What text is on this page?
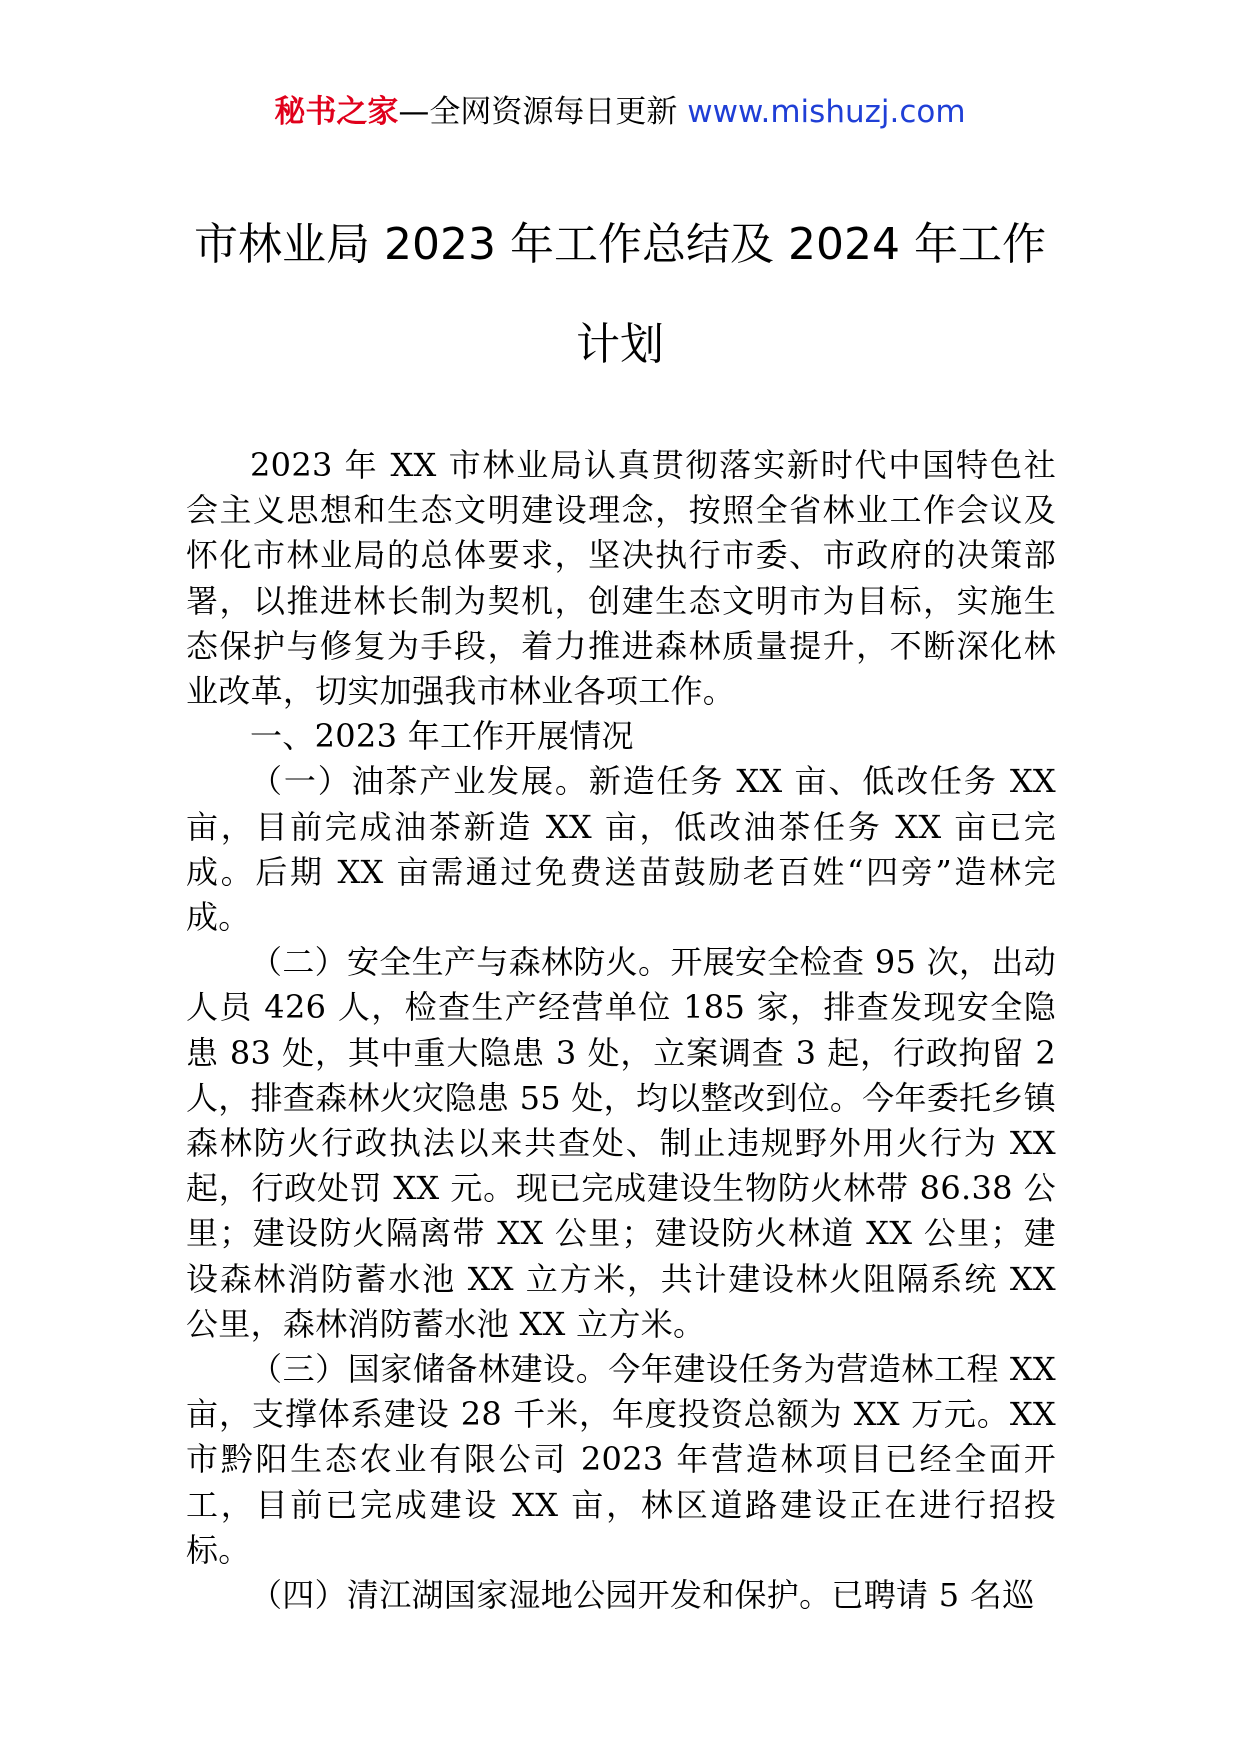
秘书之家—全网资源每日更新 www.mishuzj.com
市林业局 2023 年工作总结及 2024 年工作
计划

2023 年 XX 市林业局认真贯彻落实新时代中国特色社会主义思想和生态文明建设理念，按照全省林业工作会议及怀化市林业局的总体要求，坚决执行市委、市政府的决策部署，以推进林长制为契机，创建生态文明市为目标，实施生态保护与修复为手段，着力推进森林质量提升，不断深化林业改革，切实加强我市林业各项工作。

一、2023 年工作开展情况

（一）油茶产业发展。新造任务 XX 亩、低改任务 XX 亩，目前完成油茶新造 XX 亩，低改油茶任务 XX 亩已完成。后期 XX 亩需通过免费送苗鼓励老百姓“四旁”造林完成。

（二）安全生产与森林防火。开展安全检查 95 次，出动人员 426 人，检查生产经营单位 185 家，排查发现安全隐患 83 处，其中重大隐患 3 处，立案调查 3 起，行政拘留 2 人，排查森林火灾隐患 55 处，均以整改到位。今年委托乡镇森林防火行政执法以来共查处、制止违规野外用火行为 XX 起，行政处罚 XX 元。现已完成建设生物防火林带 86.38 公里；建设防火隔离带 XX 公里；建设防火林道 XX 公里；建设森林消防蓄水池 XX 立方米，共计建设林火阻隔系统 XX 公里，森林消防蓄水池 XX 立方米。

（三）国家储备林建设。今年建设任务为营造林工程 XX 亩，支撑体系建设 28 千米，年度投资总额为 XX 万元。XX 市黔阳生态农业有限公司 2023 年营造林项目已经全面开工，目前已完成建设 XX 亩，林区道路建设正在进行招投标。

（四）清江湖国家湿地公园开发和保护。已聘请 5 名巡
